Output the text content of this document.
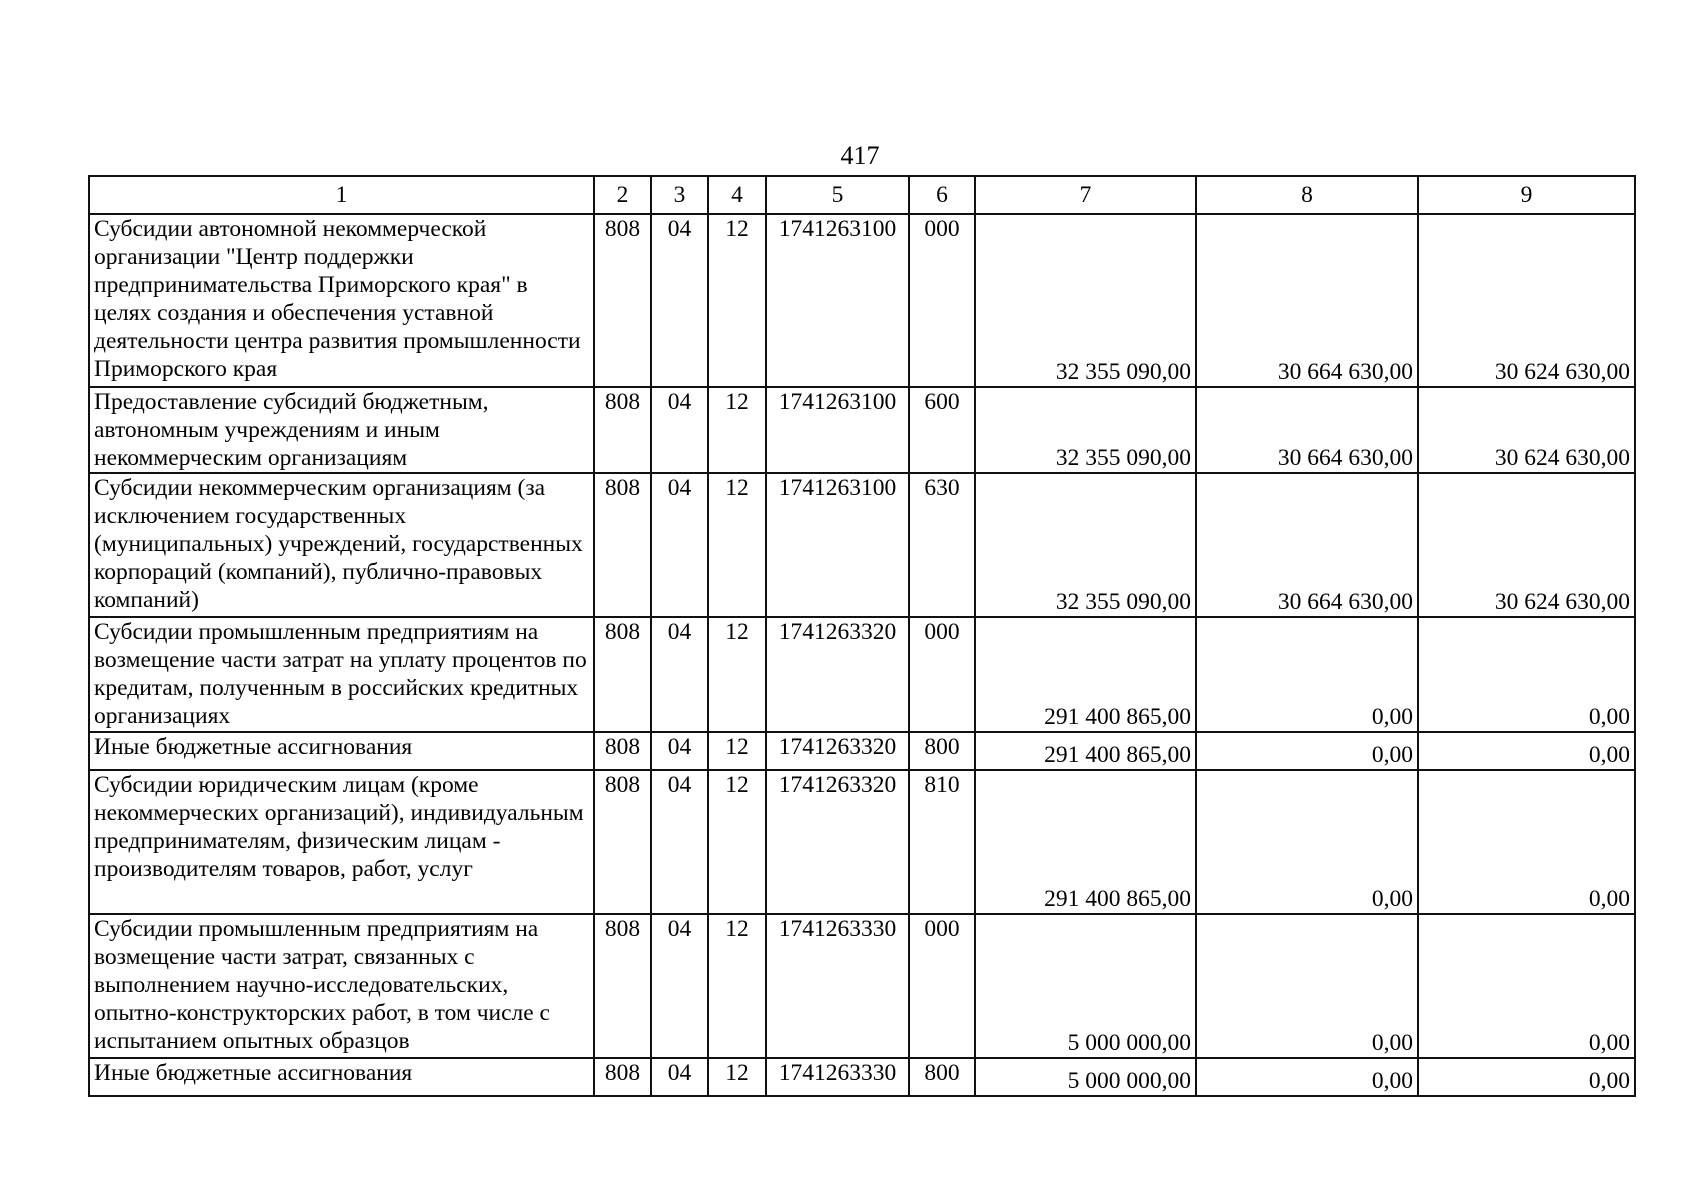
417
1	2	3	4	5	6	7	8	9
Субсидии автономной некоммерческой организации "Центр поддержки предпринимательства Приморского края" в целях создания и обеспечения уставной деятельности центра развития промышленности Приморского края	808	04	12	1741263100	000	32 355 090,00	30 664 630,00	30 624 630,00
Предоставление субсидий бюджетным, автономным учреждениям и иным некоммерческим организациям	808	04	12	1741263100	600	32 355 090,00	30 664 630,00	30 624 630,00
Субсидии некоммерческим организациям (за исключением государственных (муниципальных) учреждений, государственных корпораций (компаний), публично-правовых компаний)	808	04	12	1741263100	630	32 355 090,00	30 664 630,00	30 624 630,00
Субсидии промышленным предприятиям на возмещение части затрат на уплату процентов по кредитам, полученным в российских кредитных организациях	808	04	12	1741263320	000	291 400 865,00	0,00	0,00
Иные бюджетные ассигнования	808	04	12	1741263320	800	291 400 865,00	0,00	0,00
Субсидии юридическим лицам (кроме некоммерческих организаций), индивидуальным предпринимателям, физическим лицам - производителям товаров, работ, услуг	808	04	12	1741263320	810	291 400 865,00	0,00	0,00
Субсидии промышленным предприятиям на возмещение части затрат, связанных с выполнением научно-исследовательских, опытно-конструкторских работ, в том числе с испытанием опытных образцов	808	04	12	1741263330	000	5 000 000,00	0,00	0,00
Иные бюджетные ассигнования	808	04	12	1741263330	800	5 000 000,00	0,00	0,00
